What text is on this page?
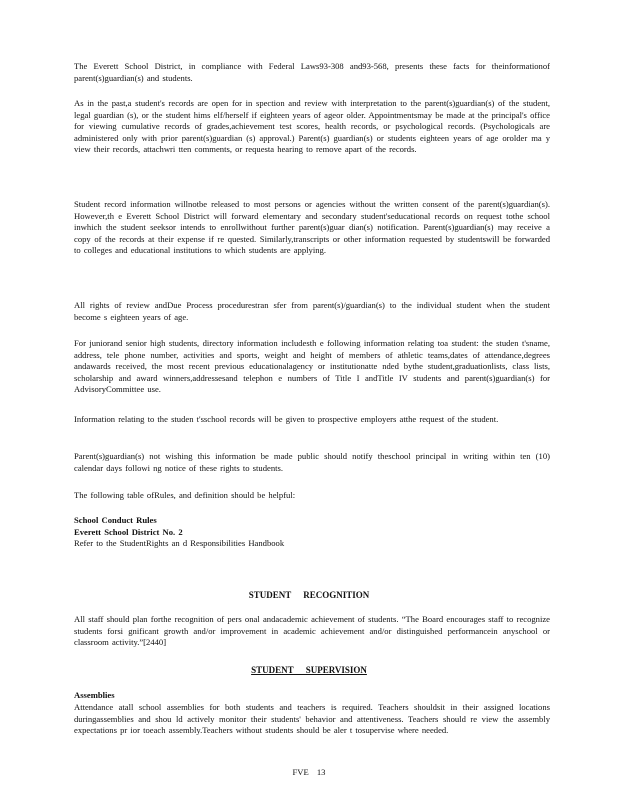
The Everett School District, in compliance with Federal Laws93-308 and93-568, presents these facts for theinformationof parent(s)guardian(s) and students.

As in the past,a student's records are open for in spection and review with interpretation to the parent(s)guardian(s) of the student, legal guardian (s), or the student hims elf/herself if eighteen years of ageor older. Appointmentsmay be made at the principal's office for viewing cumulative records of grades,achievement test scores, health records, or psychological records. (Psychologicals are administered only with prior parent(s)guardian (s) approval.) Parent(s) guardian(s) or students eighteen years of age orolder ma y view their records, attachwri tten comments, or requesta hearing to remove apart of the records.

Student record information willnotbe released to most persons or agencies without the written consent of the parent(s)guardian(s). However,th e Everett School District will forward elementary and secondary student'seducational records on request tothe school inwhich the student seeksor intends to enrollwithout further parent(s)guar dian(s) notification. Parent(s)guardian(s) may receive a copy of the records at their expense if re quested. Similarly,transcripts or other information requested by studentswill be forwarded to colleges and educational institutions to which students are applying.

All rights of review andDue Process procedurestran sfer from parent(s)/guardian(s) to the individual student when the student become s eighteen years of age.

For juniorand senior high students, directory information includesth e following information relating toa student: the studen t'sname, address, tele phone number, activities and sports, weight and height of members of athletic teams,dates of attendance,degrees andawards received, the most recent previous educationalagency or institutionatte nded bythe student,graduationlists, class lists, scholarship and award winners,addressesand telephon e numbers of Title I andTitle IV students and parent(s)guardian(s) for AdvisoryCommittee use.

Information relating to the studen t'sschool records will be given to prospective employers atthe request of the student.

Parent(s)guardian(s) not wishing this information be made public should notify theschool principal in writing within ten (10) calendar days followi ng notice of these rights to students.

The following table ofRules, and definition should be helpful:

School Conduct Rules
Everett School District No. 2
Refer to the StudentRights an d Responsibilities Handbook
STUDENT RECOGNITION

All staff should plan forthe recognition of pers onal andacademic achievement of students. “The Board encourages staff to recognize students forsi gnificant growth and/or improvement in academic achievement and/or distinguished performancein anyschool or classroom activity.”[2440]

STUDENT SUPERVISION
Assemblies

Attendance atall school assemblies for both students and teachers is required. Teachers shouldsit in their assigned locations duringassemblies and shou ld actively monitor their students' behavior and attentiveness. Teachers should re view the assembly expectations pr ior toeach assembly.Teachers without students should be aler t tosupervise where needed.

FVE 13
